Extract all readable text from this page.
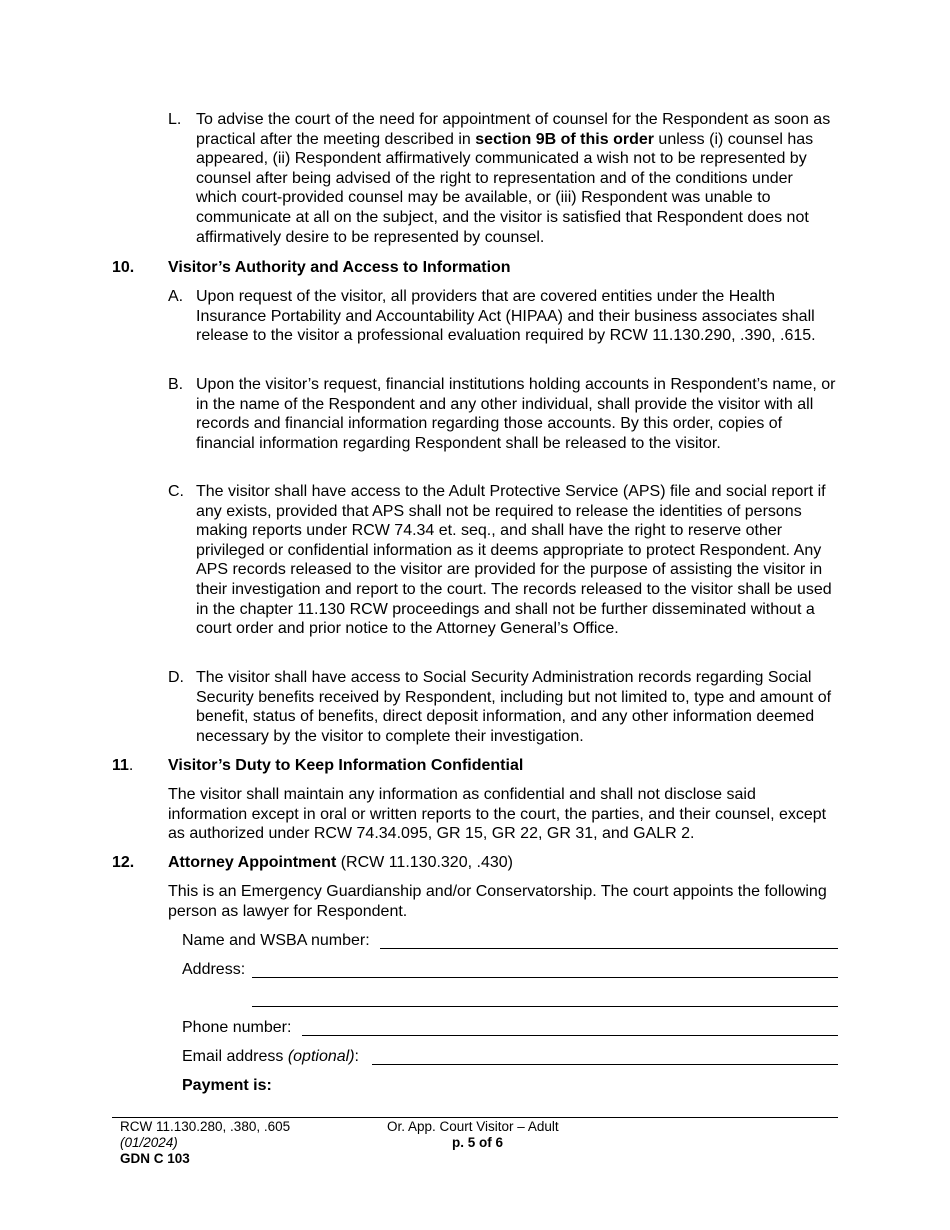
L. To advise the court of the need for appointment of counsel for the Respondent as soon as practical after the meeting described in section 9B of this order unless (i) counsel has appeared, (ii) Respondent affirmatively communicated a wish not to be represented by counsel after being advised of the right to representation and of the conditions under which court-provided counsel may be available, or (iii) Respondent was unable to communicate at all on the subject, and the visitor is satisfied that Respondent does not affirmatively desire to be represented by counsel.
10. Visitor’s Authority and Access to Information
A. Upon request of the visitor, all providers that are covered entities under the Health Insurance Portability and Accountability Act (HIPAA) and their business associates shall release to the visitor a professional evaluation required by RCW 11.130.290, .390, .615.
B. Upon the visitor’s request, financial institutions holding accounts in Respondent’s name, or in the name of the Respondent and any other individual, shall provide the visitor with all records and financial information regarding those accounts. By this order, copies of financial information regarding Respondent shall be released to the visitor.
C. The visitor shall have access to the Adult Protective Service (APS) file and social report if any exists, provided that APS shall not be required to release the identities of persons making reports under RCW 74.34 et. seq., and shall have the right to reserve other privileged or confidential information as it deems appropriate to protect Respondent. Any APS records released to the visitor are provided for the purpose of assisting the visitor in their investigation and report to the court. The records released to the visitor shall be used in the chapter 11.130 RCW proceedings and shall not be further disseminated without a court order and prior notice to the Attorney General’s Office.
D. The visitor shall have access to Social Security Administration records regarding Social Security benefits received by Respondent, including but not limited to, type and amount of benefit, status of benefits, direct deposit information, and any other information deemed necessary by the visitor to complete their investigation.
11. Visitor’s Duty to Keep Information Confidential
The visitor shall maintain any information as confidential and shall not disclose said information except in oral or written reports to the court, the parties, and their counsel, except as authorized under RCW 74.34.095, GR 15, GR 22, GR 31, and GALR 2.
12. Attorney Appointment (RCW 11.130.320, .430)
This is an Emergency Guardianship and/or Conservatorship. The court appoints the following person as lawyer for Respondent.
Name and WSBA number:
Address:
Phone number:
Email address (optional):
Payment is:
RCW 11.130.280, .380, .605
(01/2024)
GDN C 103
Or. App. Court Visitor – Adult
p. 5 of 6
